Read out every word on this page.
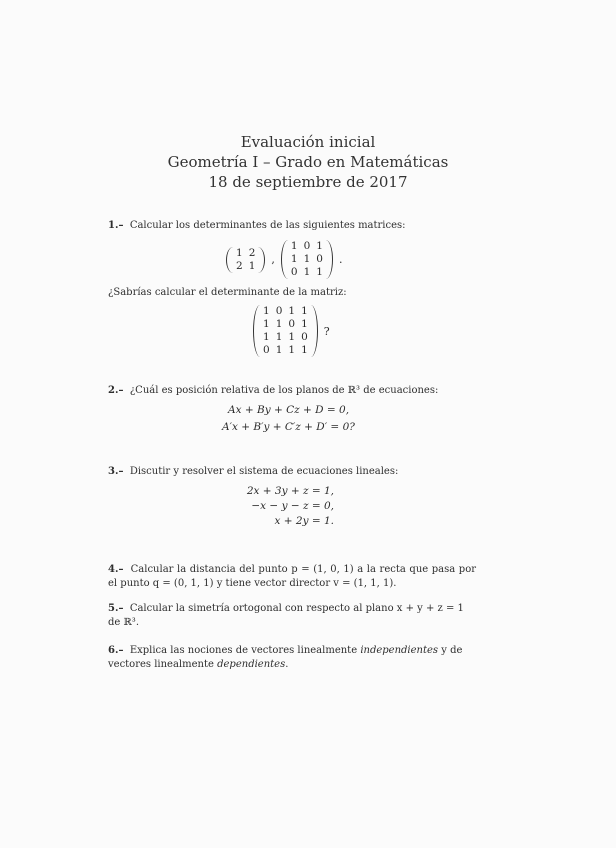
Evaluación inicial
Geometría I – Grado en Matemáticas
18 de septiembre de 2017
1.– Calcular los determinantes de las siguientes matrices:
1	2
2	1	,
1	0	1
1	1	0
0	1	1
.
¿Sabrías calcular el determinante de la matriz:
1	0	1	1
1	1	0	1
1	1	1	0
0	1	1	1
?
2.– ¿Cuál es posición relativa de los planos de ℝ³ de ecuaciones:
Ax + By + Cz + D = 0,
A′x + B′y + C′z + D′ = 0?
3.– Discutir y resolver el sistema de ecuaciones lineales:
2x + 3y + z = 1,
−x − y − z = 0,
x + 2y = 1.
4.– Calcular la distancia del punto p = (1, 0, 1) a la recta que pasa por el punto q = (0, 1, 1) y tiene vector director v = (1, 1, 1).
5.– Calcular la simetría ortogonal con respecto al plano x + y + z = 1 de ℝ³.
6.– Explica las nociones de vectores linealmente independientes y de vectores linealmente dependientes.
